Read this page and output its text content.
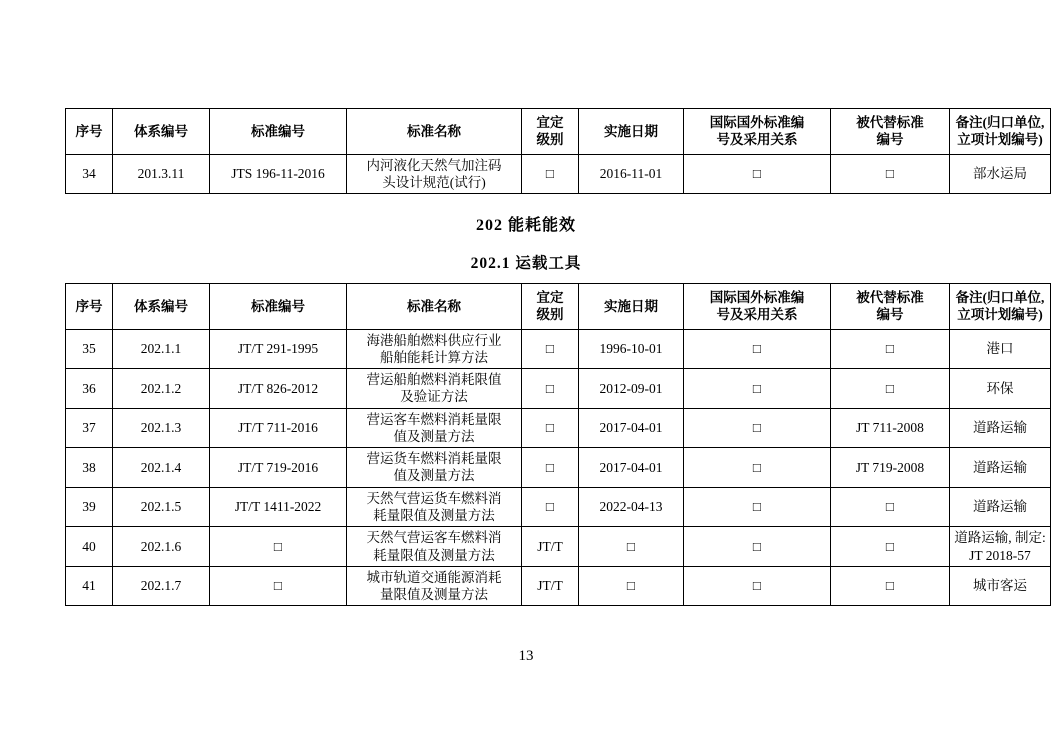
序号	体系编号	标准编号	标准名称	宜定
级别	实施日期	国际国外标准编
号及采用关系	被代替标准
编号	备注(归口单位,
立项计划编号)

34	201.3.11	JTS 196-11-2016	内河液化天然气加注码
头设计规范(试行)	□	2016-11-01	□	□	部水运局
202 能耗能效
202.1 运载工具
序号	体系编号	标准编号	标准名称	宜定
级别	实施日期	国际国外标准编
号及采用关系	被代替标准
编号	备注(归口单位,
立项计划编号)

35	202.1.1	JT/T 291-1995	海港船舶燃料供应行业
船舶能耗计算方法	□	1996-10-01	□	□	港口
36	202.1.2	JT/T 826-2012	营运船舶燃料消耗限值
及验证方法	□	2012-09-01	□	□	环保
37	202.1.3	JT/T 711-2016	营运客车燃料消耗量限
值及测量方法	□	2017-04-01	□	JT 711-2008	道路运输
38	202.1.4	JT/T 719-2016	营运货车燃料消耗量限
值及测量方法	□	2017-04-01	□	JT 719-2008	道路运输
39	202.1.5	JT/T 1411-2022	天然气营运货车燃料消
耗量限值及测量方法	□	2022-04-13	□	□	道路运输
40	202.1.6	□	天然气营运客车燃料消
耗量限值及测量方法	JT/T	□	□	□	道路运输, 制定:
JT 2018-57

41	202.1.7	□	城市轨道交通能源消耗
量限值及测量方法	JT/T	□	□	□	城市客运
13
